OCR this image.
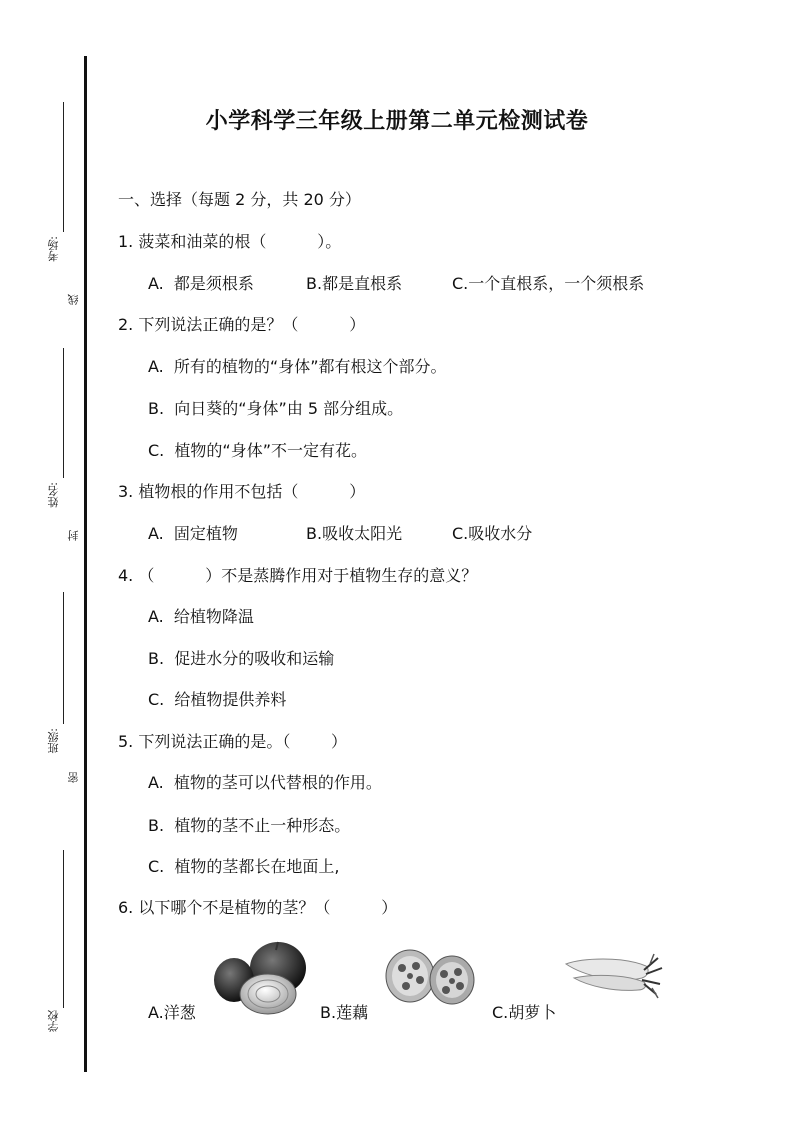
考场:
线
姓名:
封
班级:
密
学校
小学科学三年级上册第二单元检测试卷
一、选择（每题 2 分，共 20 分）
1. 菠菜和油菜的根（          ）。
A.  都是须根系	B.都是直根系	C.一个直根系，一个须根系
2. 下列说法正确的是？（          ）
A.  所有的植物的“身体”都有根这个部分。
B.  向日葵的“身体”由 5 部分组成。
C.  植物的“身体”不一定有花。
3. 植物根的作用不包括（          ）
A.  固定植物	B.吸收太阳光	C.吸收水分
4. （          ）不是蒸腾作用对于植物生存的意义？
A.  给植物降温
B.  促进水分的吸收和运输
C.  给植物提供养料
5. 下列说法正确的是。（        ）
A.  植物的茎可以代替根的作用。
B.  植物的茎不止一种形态。
C.  植物的茎都长在地面上,
6. 以下哪个不是植物的茎？（          ）
A.洋葱	B.莲藕	C.胡萝卜
